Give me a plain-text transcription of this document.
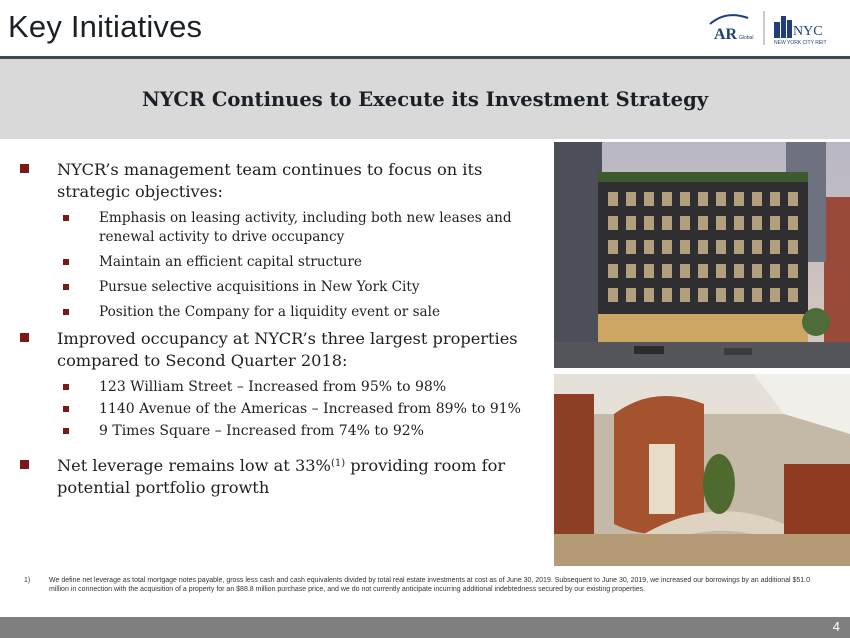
Key Initiatives	AR Global	NYC
NEW YORK CITY REIT
NYCR Continues to Execute its Investment Strategy
NYCR’s management team continues to focus on its strategic objectives:
Emphasis on leasing activity, including both new leases and renewal activity to drive occupancy
Maintain an efficient capital structure
Pursue selective acquisitions in New York City
Position the Company for a liquidity event or sale
Improved occupancy at NYCR’s three largest properties compared to Second Quarter 2018:
123 William Street – Increased from 95% to 98%
1140 Avenue of the Americas – Increased from 89% to 91%
9 Times Square – Increased from 74% to 92%
Net leverage remains low at 33%$^{(1)}$ providing room for potential portfolio growth
1)	We define net leverage as total mortgage notes payable, gross less cash and cash equivalents divided by total real estate investments at cost as of June 30, 2019. Subsequent to June 30, 2019, we increased our borrowings by an additional $51.0 million in connection with the acquisition of a property for an $88.8 million purchase price, and we do not currently anticipate incurring additional indebtedness secured by our existing properties.
4
